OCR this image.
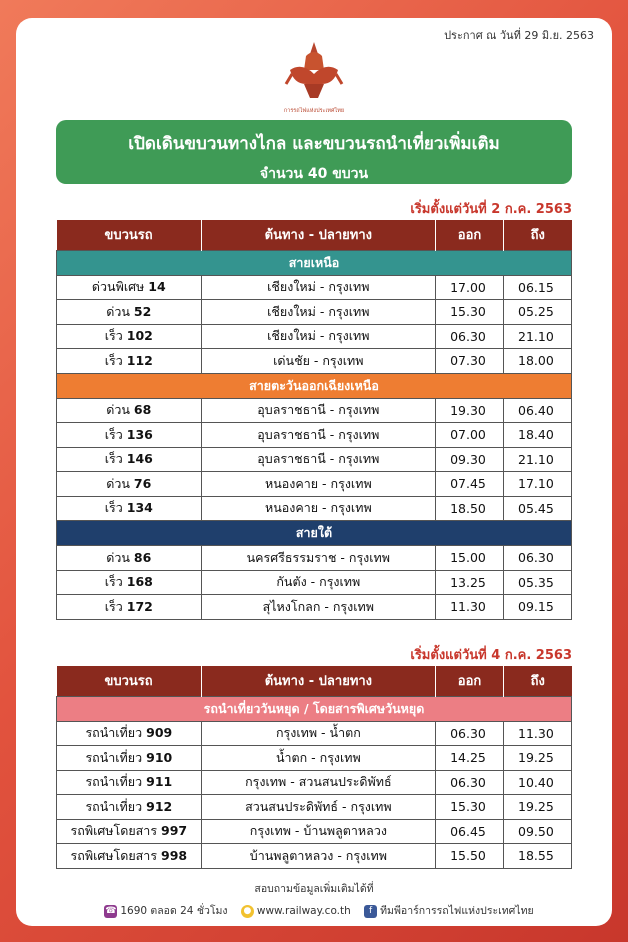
ประกาศ ณ วันที่ 29 มิ.ย. 2563
การรถไฟแห่งประเทศไทย
เปิดเดินขบวนทางไกล และขบวนรถนำเที่ยวเพิ่มเติม
จำนวน 40 ขบวน
เริ่มตั้งแต่วันที่ 2 ก.ค. 2563
ขบวนรถ	ต้นทาง - ปลายทาง	ออก	ถึง
สายเหนือ			
ด่วนพิเศษ 14	เชียงใหม่ - กรุงเทพ	17.00	06.15
ด่วน 52	เชียงใหม่ - กรุงเทพ	15.30	05.25
เร็ว 102	เชียงใหม่ - กรุงเทพ	06.30	21.10
เร็ว 112	เด่นชัย - กรุงเทพ	07.30	18.00
สายตะวันออกเฉียงเหนือ			
ด่วน 68	อุบลราชธานี - กรุงเทพ	19.30	06.40
เร็ว 136	อุบลราชธานี - กรุงเทพ	07.00	18.40
เร็ว 146	อุบลราชธานี - กรุงเทพ	09.30	21.10
ด่วน 76	หนองคาย - กรุงเทพ	07.45	17.10
เร็ว 134	หนองคาย - กรุงเทพ	18.50	05.45
สายใต้			
ด่วน 86	นครศรีธรรมราช - กรุงเทพ	15.00	06.30
เร็ว 168	กันตัง - กรุงเทพ	13.25	05.35
เร็ว 172	สุไหงโกลก - กรุงเทพ	11.30	09.15
เริ่มตั้งแต่วันที่ 4 ก.ค. 2563
ขบวนรถ	ต้นทาง - ปลายทาง	ออก	ถึง
รถนำเที่ยววันหยุด / โดยสารพิเศษวันหยุด			
รถนำเที่ยว 909	กรุงเทพ - น้ำตก	06.30	11.30
รถนำเที่ยว 910	น้ำตก - กรุงเทพ	14.25	19.25
รถนำเที่ยว 911	กรุงเทพ - สวนสนประดิพัทธ์	06.30	10.40
รถนำเที่ยว 912	สวนสนประดิพัทธ์ - กรุงเทพ	15.30	19.25
รถพิเศษโดยสาร 997	กรุงเทพ - บ้านพลูตาหลวง	06.45	09.50
รถพิเศษโดยสาร 998	บ้านพลูตาหลวง - กรุงเทพ	15.50	18.55
สอบถามข้อมูลเพิ่มเติมได้ที่
☎ 1690 ตลอด 24 ชั่วโมง ● www.railway.co.th f ทีมพีอาร์การรถไฟแห่งประเทศไทย
